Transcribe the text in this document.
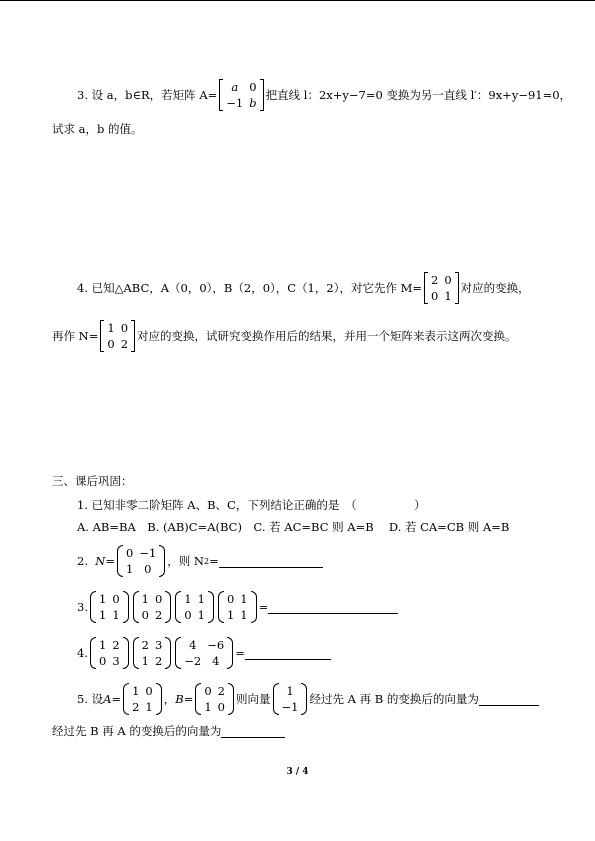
3. 设 a，b∈R，若矩阵 A=
a	0
−1	b
把直线 l：2x+y−7=0 变换为另一直线 l′：9x+y−91=0，
试求 a，b 的值。
4. 已知△ABC，A（0，0），B（2，0），C（1，2），对它先作 M=
2	0
0	1
对应的变换，
再作 N=
1	0
0	2
对应的变换，试研究变换作用后的结果，并用一个矩阵来表示这两次变换。
三、课后巩固：
1. 已知非零二阶矩阵 A、B、C，下列结论正确的是　（　　　　　）
A. AB=BA　B. (AB)C=A(BC)　C. 若 AC=BC 则 A=B　 D. 若 CA=CB 则 A=B
2.
N =
0	−1
1	0
，则 N 2 =
3.
1	0
1	1
1	0
0	2
1	1
0	1
0	1
1	1
=
4.
1	2
0	3
2	3
1	2
4	−6
−2	4
=
5. 设 A =
1	0
2	1
， B =
0	2
1	0
则向量
1
−1
经过先 A 再 B 的变换后的向量为
经过先 B 再 A 的变换后的向量为
3 / 4
